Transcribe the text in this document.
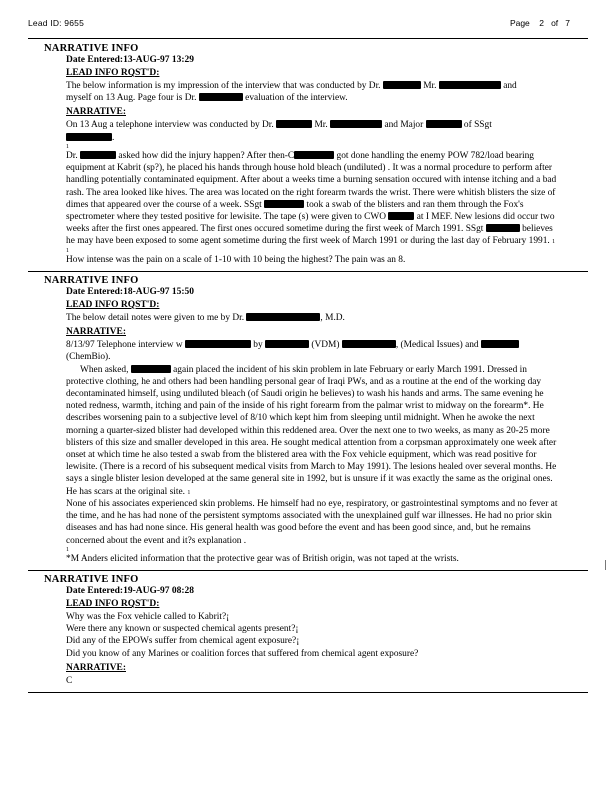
Lead ID: 9655	Page 2 of 7
NARRATIVE INFO
Date Entered:13-AUG-97 13:29
LEAD INFO RQST'D:
The below information is my impression of the interview that was conducted by Dr.	Mr.	and
myself on 13 Aug. Page four is Dr.	evaluation of the interview.
NARRATIVE:
On 13 Aug a telephone interview was conducted by Dr.	Mr.	and Major	of SSgt
.
1
Dr.	asked how did the injury happen? After then-C	got done handling the enemy POW 782/load bearing equipment at Kabrit (sp?), he placed his hands through house hold bleach (undiluted) . It was a normal procedure to perform after handling potentially contaminated equipment. After about a weeks time a burning sensation occured with intense itching and a bad rash. The area looked like hives. The area was located on the right forearm twards the wrist. There were whitish blisters the size of dimes that appeared over the course of a week. SSgt	took a swab of the blisters and ran them through the Fox's spectrometer where they tested positive for lewisite. The tape (s) were given to CWO	at I MEF. New lesions did occur two weeks after the first ones appeared. The first ones occured sometime during the first week of March 1991. SSgt	believes he may have been exposed to some agent sometime during the first week of March 1991 or during the last day of February 1991. 1
1
How intense was the pain on a scale of 1-10 with 10 being the highest? The pain was an 8.
NARRATIVE INFO
Date Entered:18-AUG-97 15:50
LEAD INFO RQST'D:
The below detail notes were given to me by Dr.	, M.D.
NARRATIVE:
8/13/97 Telephone interview w	by	(VDM)	, (Medical Issues) and
(ChemBio).
When asked,	again placed the incident of his skin problem in late February or early March 1991. Dressed in protective clothing, he and others had been handling personal gear of Iraqi PWs, and as a routine at the end of the working day decontaminated himself, using undiluted bleach (of Saudi origin he believes) to wash his hands and arms. The same evening he noted redness, warmth, itching and pain of the inside of his right forearm from the palmar wrist to midway on the forearm*. He describes worsening pain to a subjective level of 8/10 which kept him from sleeping until midnight. When he awoke the next morning a quarter-sized blister had developed within this reddened area. Over the next one to two weeks, as many as 20-25 more blisters of this size and smaller developed in this area. He sought medical attention from a corpsman approximately one week after onset at which time he also tested a swab from the blistered area with the Fox vehicle equipment, which was read positive for lewisite. (There is a record of his subsequent medical visits from March to May 1991). The lesions healed over several months. He says a single blister lesion developed at the same general site in 1992, but is unsure if it was exactly the same as the original ones. He has scars at the original site. 1
None of his associates experienced skin problems. He himself had no eye, respiratory, or gastrointestinal symptoms and no fever at the time, and he has had none of the persistent symptoms associated with the unexplained gulf war illnesses. He had no prior skin diseases and has had none since. His general health was good before the event and has been good since, and, but he remains concerned about the event and it?s explanation .
1
*M Anders elicited information that the protective gear was of British origin, was not taped at the wrists.
NARRATIVE INFO
Date Entered:19-AUG-97 08:28
LEAD INFO RQST'D:
Why was the Fox vehicle called to Kabrit?¡
Were there any known or suspected chemical agents present?¡
Did any of the EPOWs suffer from chemical agent exposure?¡
Did you know of any Marines or coalition forces that suffered from chemical agent exposure?
NARRATIVE:
C
